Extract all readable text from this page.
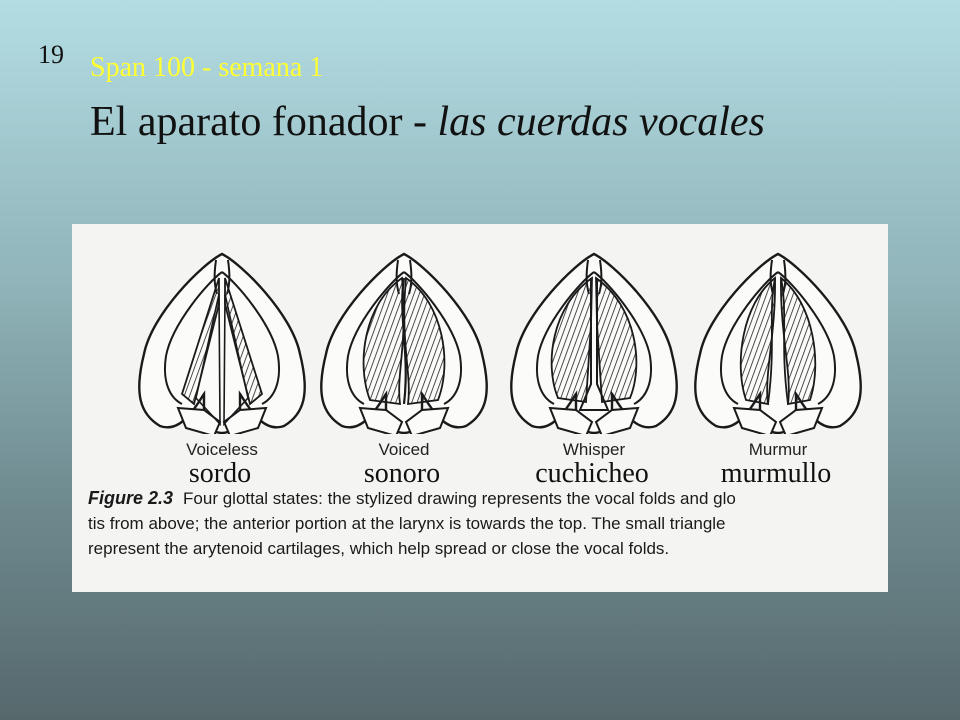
19 Span 100 - semana 1
El aparato fonador - las cuerdas vocales
Voiceless	Voiced	Whisper	Murmur
sordo	sonoro	cuchicheo	murmullo
Figure 2.3 Four glottal states: the stylized drawing represents the vocal folds and glo
tis from above; the anterior portion at the larynx is towards the top. The small triangle
represent the arytenoid cartilages, which help spread or close the vocal folds.
